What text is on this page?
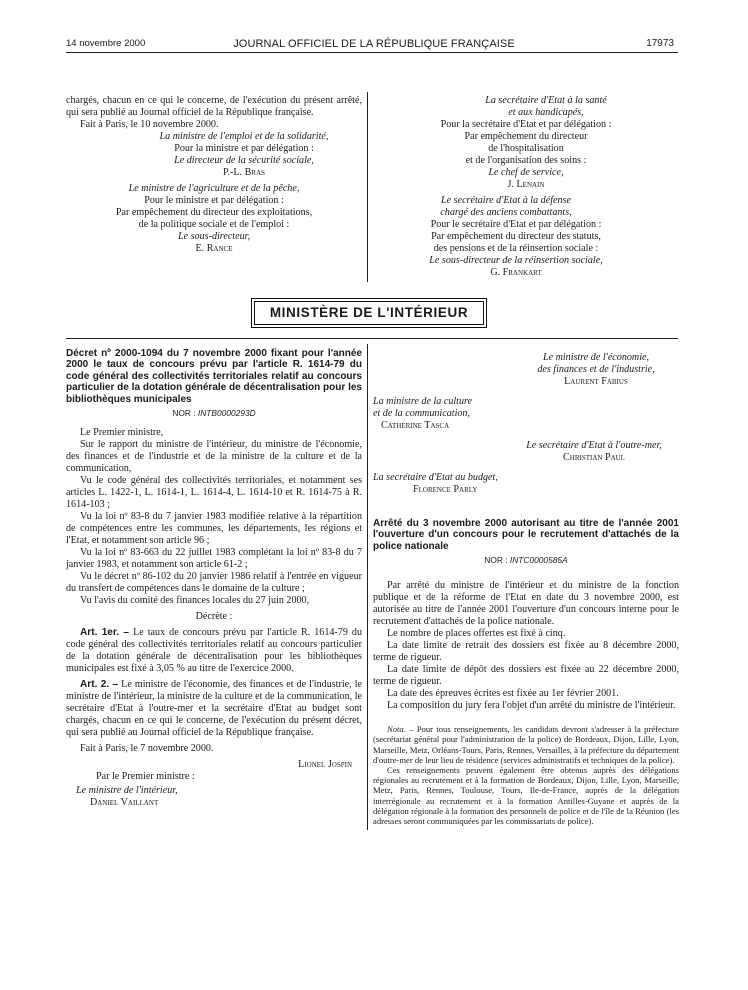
14 novembre 2000	JOURNAL OFFICIEL DE LA RÉPUBLIQUE FRANÇAISE	17973

chargés, chacun en ce qui le concerne, de l'exécution du présent arrêté, qui sera publié au Journal officiel de la République française.

Fait à Paris, le 10 novembre 2000.

La ministre de l'emploi et de la solidarité,

Pour la ministre et par délégation :

Le directeur de la sécurité sociale,

P.-L. Bras

Le ministre de l'agriculture et de la pêche,

Pour le ministre et par délégation :

Par empêchement du directeur des exploitations,

de la politique sociale et de l'emploi :

Le sous-directeur,

E. Rance

La secrétaire d'Etat à la santé

et aux handicapés,

Pour la secrétaire d'Etat et par délégation :

Par empêchement du directeur

de l'hospitalisation

et de l'organisation des soins :

Le chef de service,

J. Lenain

Le secrétaire d'Etat à la défense

chargé des anciens combattants,

Pour le secrétaire d'Etat et par délégation :

Par empêchement du directeur des statuts,

des pensions et de la réinsertion sociale :

Le sous-directeur de la réinsertion sociale,

G. Frankart

MINISTÈRE DE L'INTÉRIEUR

Décret nº 2000-1094 du 7 novembre 2000 fixant pour l'année 2000 le taux de concours prévu par l'article R. 1614-79 du code général des collectivités territoriales relatif au concours particulier de la dotation générale de décentralisation pour les bibliothèques municipales

NOR : INTB0000293D

Le Premier ministre,

Sur le rapport du ministre de l'intérieur, du ministre de l'économie, des finances et de l'industrie et de la ministre de la culture et de la communication,

Vu le code général des collectivités territoriales, et notamment ses articles L. 1422-1, L. 1614-1, L. 1614-4, L. 1614-10 et R. 1614-75 à R. 1614-103 ;

Vu la loi nº 83-8 du 7 janvier 1983 modifiée relative à la répartition de compétences entre les communes, les départements, les régions et l'Etat, et notamment son article 96 ;

Vu la loi nº 83-663 du 22 juillet 1983 complétant la loi nº 83-8 du 7 janvier 1983, et notamment son article 61-2 ;

Vu le décret nº 86-102 du 20 janvier 1986 relatif à l'entrée en vigueur du transfert de compétences dans le domaine de la culture ;

Vu l'avis du comité des finances locales du 27 juin 2000,

Décrète :

Art. 1er. – Le taux de concours prévu par l'article R. 1614-79 du code général des collectivités territoriales relatif au concours particulier de la dotation générale de décentralisation pour les bibliothèques municipales est fixé à 3,05 % au titre de l'exercice 2000.

Art. 2. – Le ministre de l'économie, des finances et de l'industrie, le ministre de l'intérieur, la ministre de la culture et de la communication, le secrétaire d'Etat à l'outre-mer et la secrétaire d'Etat au budget sont chargés, chacun en ce qui le concerne, de l'exécution du présent décret, qui sera publié au Journal officiel de la République française.

Fait à Paris, le 7 novembre 2000.

Lionel Jospin

Par le Premier ministre :

Le ministre de l'intérieur,

Daniel Vaillant

Le ministre de l'économie,

des finances et de l'industrie,

Laurent Fabius

La ministre de la culture

et de la communication,

Catherine Tasca

Le secrétaire d'Etat à l'outre-mer,

Christian Paul

La secrétaire d'Etat au budget,

Florence Parly

Arrêté du 3 novembre 2000 autorisant au titre de l'année 2001 l'ouverture d'un concours pour le recrutement d'attachés de la police nationale

NOR : INTC0000585A

Par arrêté du ministre de l'intérieur et du ministre de la fonction publique et de la réforme de l'Etat en date du 3 novembre 2000, est autorisée au titre de l'année 2001 l'ouverture d'un concours interne pour le recrutement d'attachés de la police nationale.

Le nombre de places offertes est fixé à cinq.

La date limite de retrait des dossiers est fixée au 8 décembre 2000, terme de rigueur.

La date limite de dépôt des dossiers est fixée au 22 décembre 2000, terme de rigueur.

La date des épreuves écrites est fixée au 1er février 2001.

La composition du jury fera l'objet d'un arrêté du ministre de l'intérieur.

Nota. – Pour tous renseignements, les candidats devront s'adresser à la préfecture (secrétariat général pour l'administration de la police) de Bordeaux, Dijon, Lille, Lyon, Marseille, Metz, Orléans-Tours, Paris, Rennes, Versailles, à la préfecture du département d'outre-mer de leur lieu de résidence (services administratifs et techniques de la police).

Ces renseignements peuvent également être obtenus auprès des délégations régionales au recrutement et à la formation de Bordeaux, Dijon, Lille, Lyon, Marseille, Metz, Paris, Rennes, Toulouse, Tours, Ile-de-France, auprès de la délégation interrégionale au recrutement et à la formation Antilles-Guyane et auprès de la délégation régionale à la formation des personnels de police et de l'île de la Réunion (les adresses seront communiquées par les commissariats de police).
